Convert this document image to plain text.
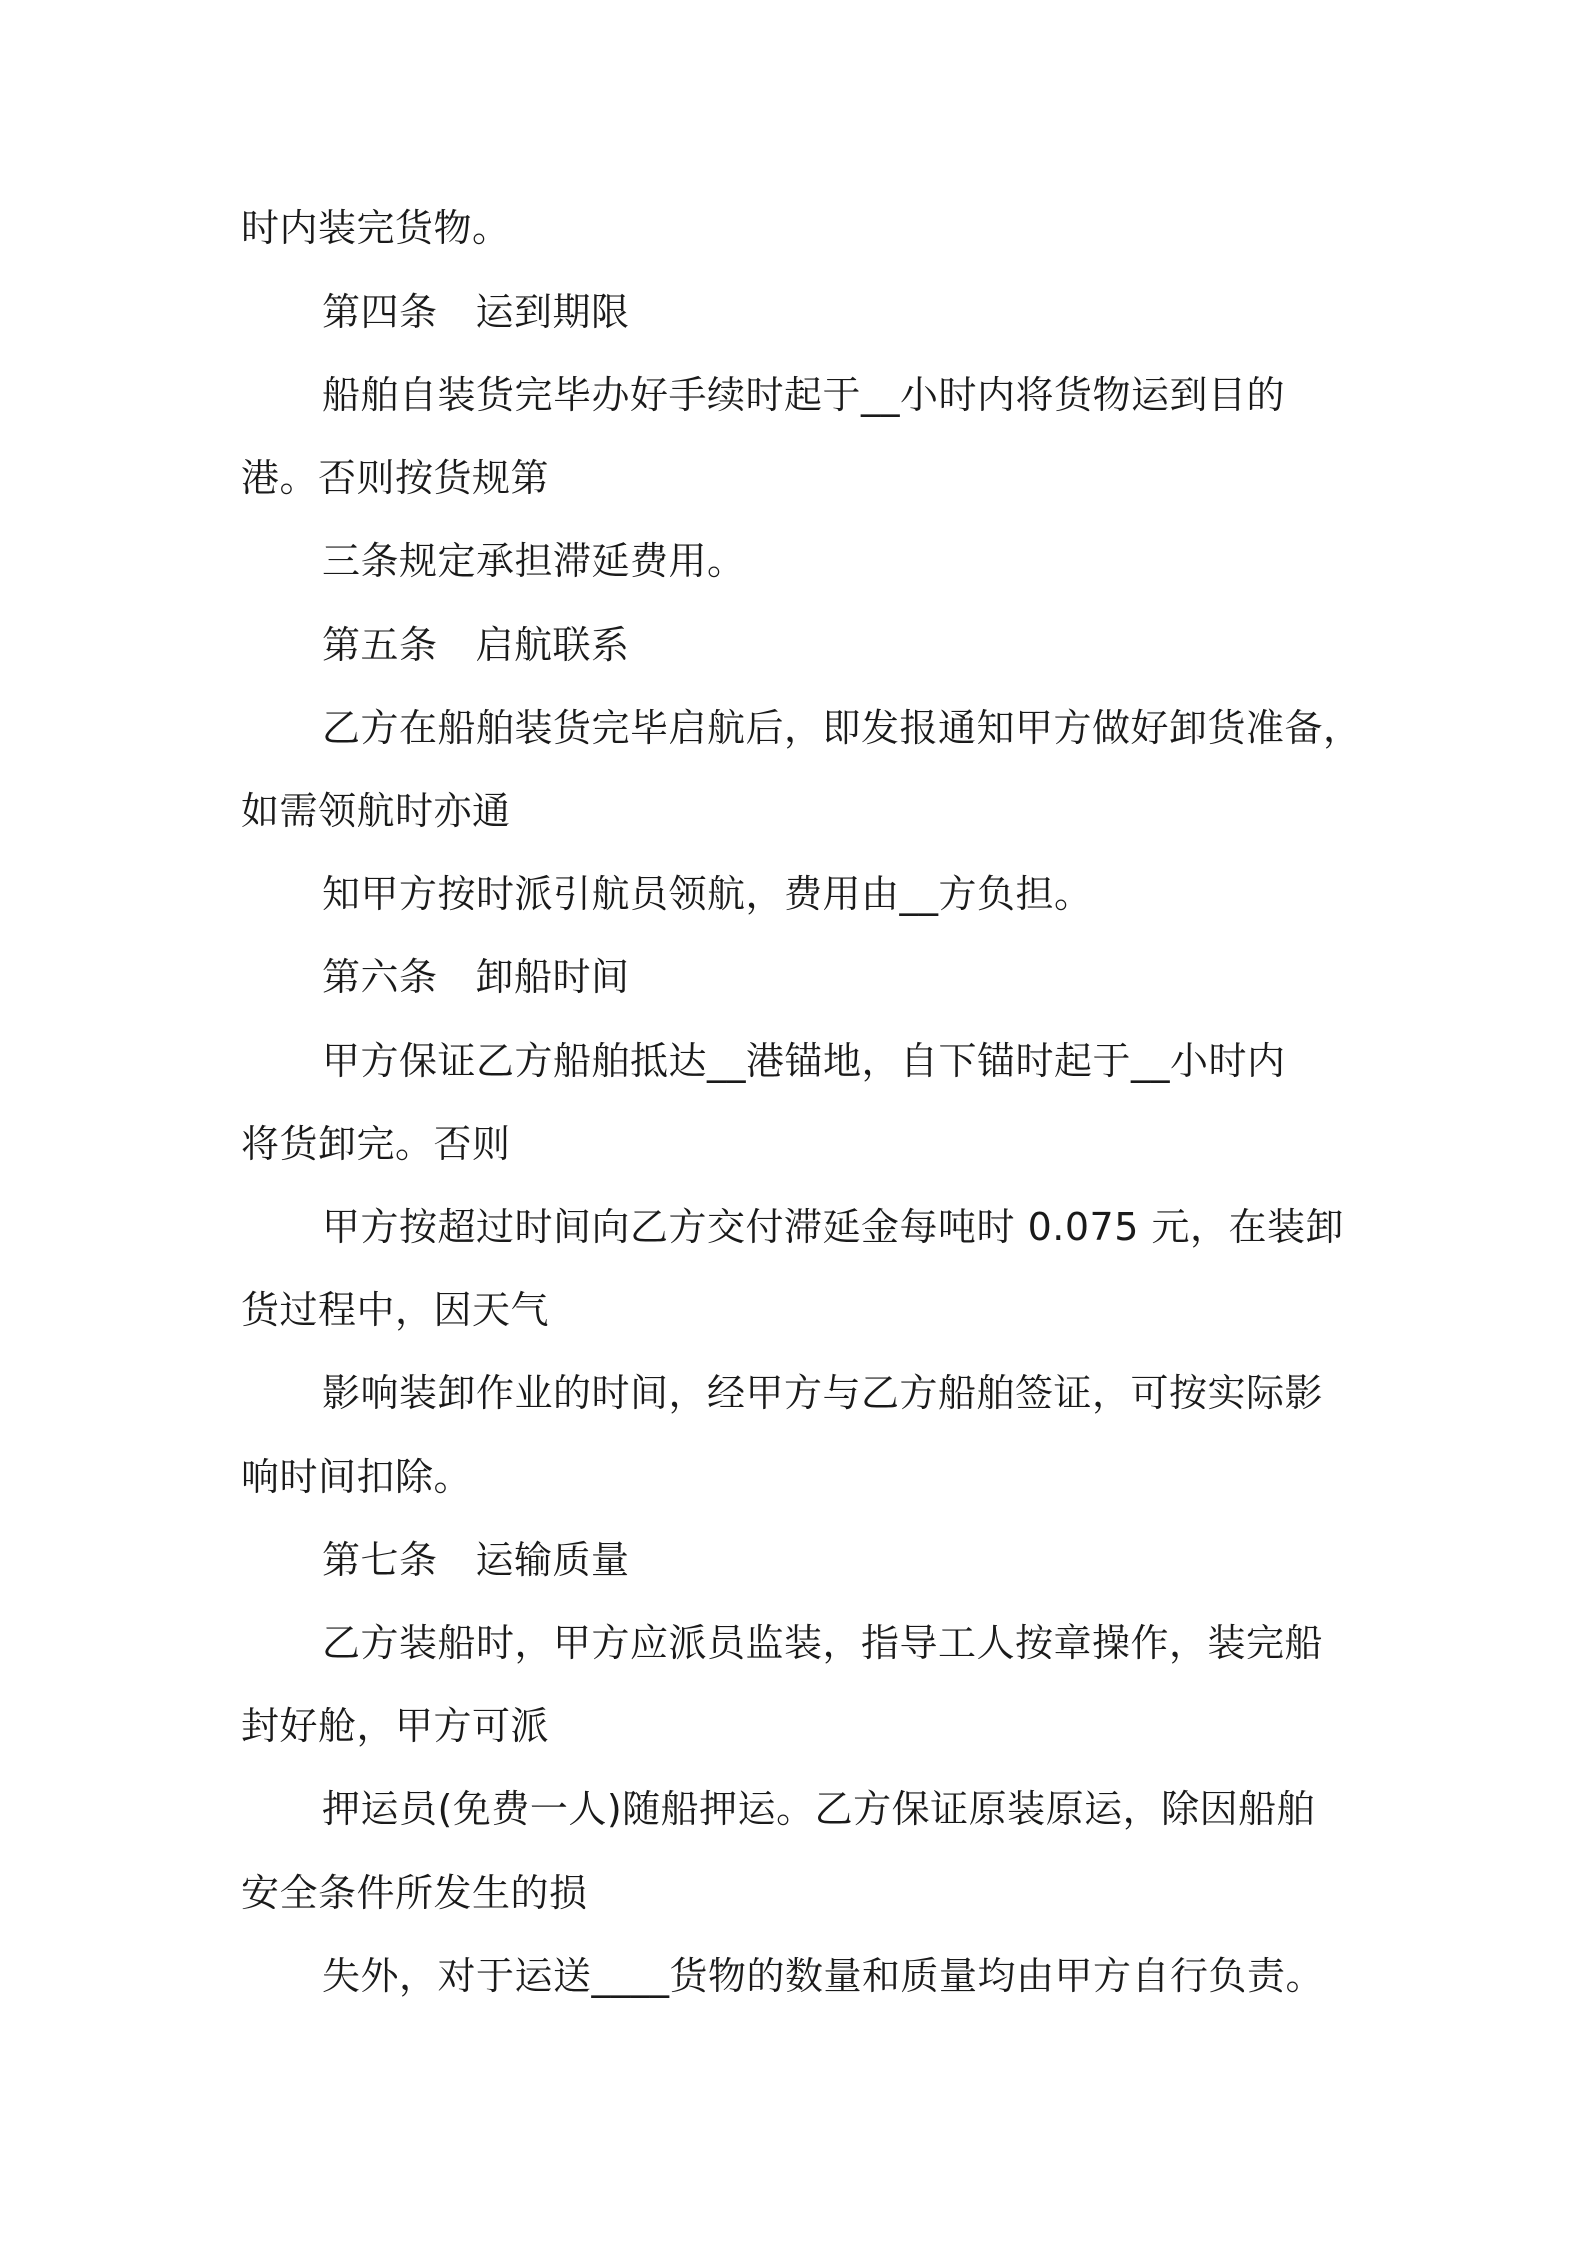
时内装完货物。
第四条 运到期限
船舶自装货完毕办好手续时起于__小时内将货物运到目的
港。否则按货规第
三条规定承担滞延费用。
第五条 启航联系
乙方在船舶装货完毕启航后，即发报通知甲方做好卸货准备，
如需领航时亦通
知甲方按时派引航员领航，费用由__方负担。
第六条 卸船时间
甲方保证乙方船舶抵达__港锚地，自下锚时起于__小时内
将货卸完。否则
甲方按超过时间向乙方交付滞延金每吨时 0.075 元，在装卸
货过程中，因天气
影响装卸作业的时间，经甲方与乙方船舶签证，可按实际影
响时间扣除。
第七条 运输质量
乙方装船时，甲方应派员监装，指导工人按章操作，装完船
封好舱，甲方可派
押运员(免费一人)随船押运。乙方保证原装原运，除因船舶
安全条件所发生的损
失外，对于运送____货物的数量和质量均由甲方自行负责。
